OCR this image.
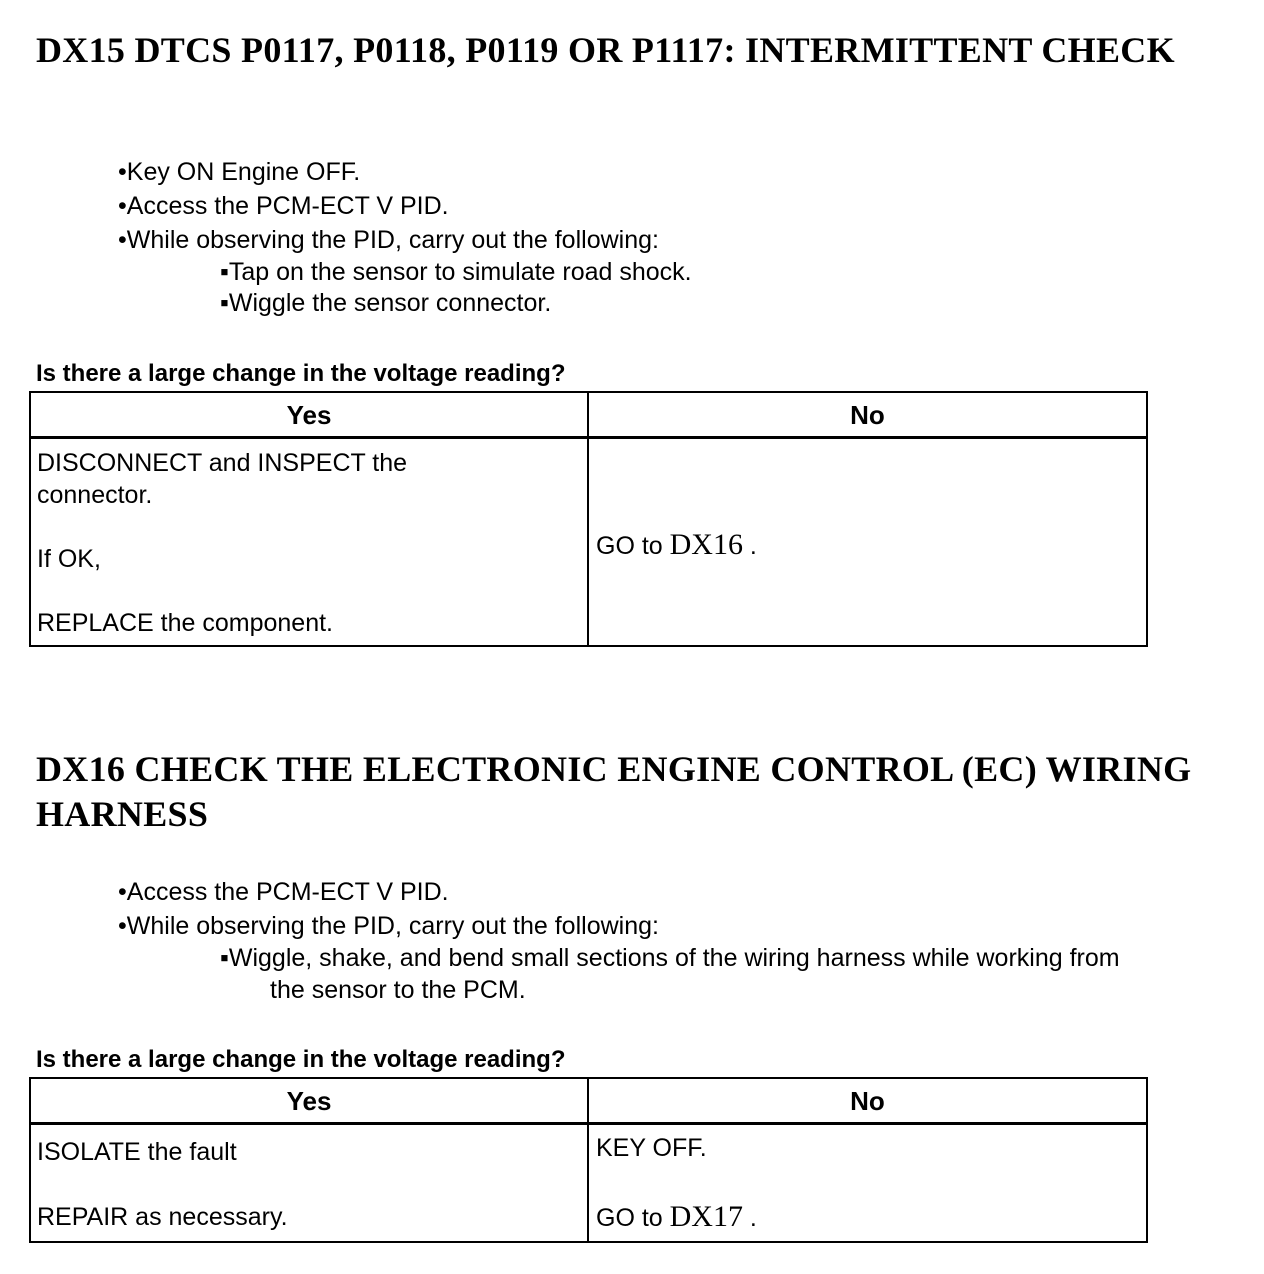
DX15 DTCS P0117, P0118, P0119 OR P1117: INTERMITTENT CHECK
•Key ON Engine OFF.
•Access the PCM-ECT V PID.
•While observing the PID, carry out the following:
▪Tap on the sensor to simulate road shock.
▪Wiggle the sensor connector.
Is there a large change in the voltage reading?
Yes	No
DISCONNECT and INSPECT the
connector.
If OK,
REPLACE the component.
GO to DX16 .
DX16 CHECK THE ELECTRONIC ENGINE CONTROL (EC) WIRING HARNESS
•Access the PCM-ECT V PID.
•While observing the PID, carry out the following:
▪Wiggle, shake, and bend small sections of the wiring harness while working from
the sensor to the PCM.
Is there a large change in the voltage reading?
Yes	No
ISOLATE the fault
REPAIR as necessary.
KEY OFF.
GO to DX17 .
